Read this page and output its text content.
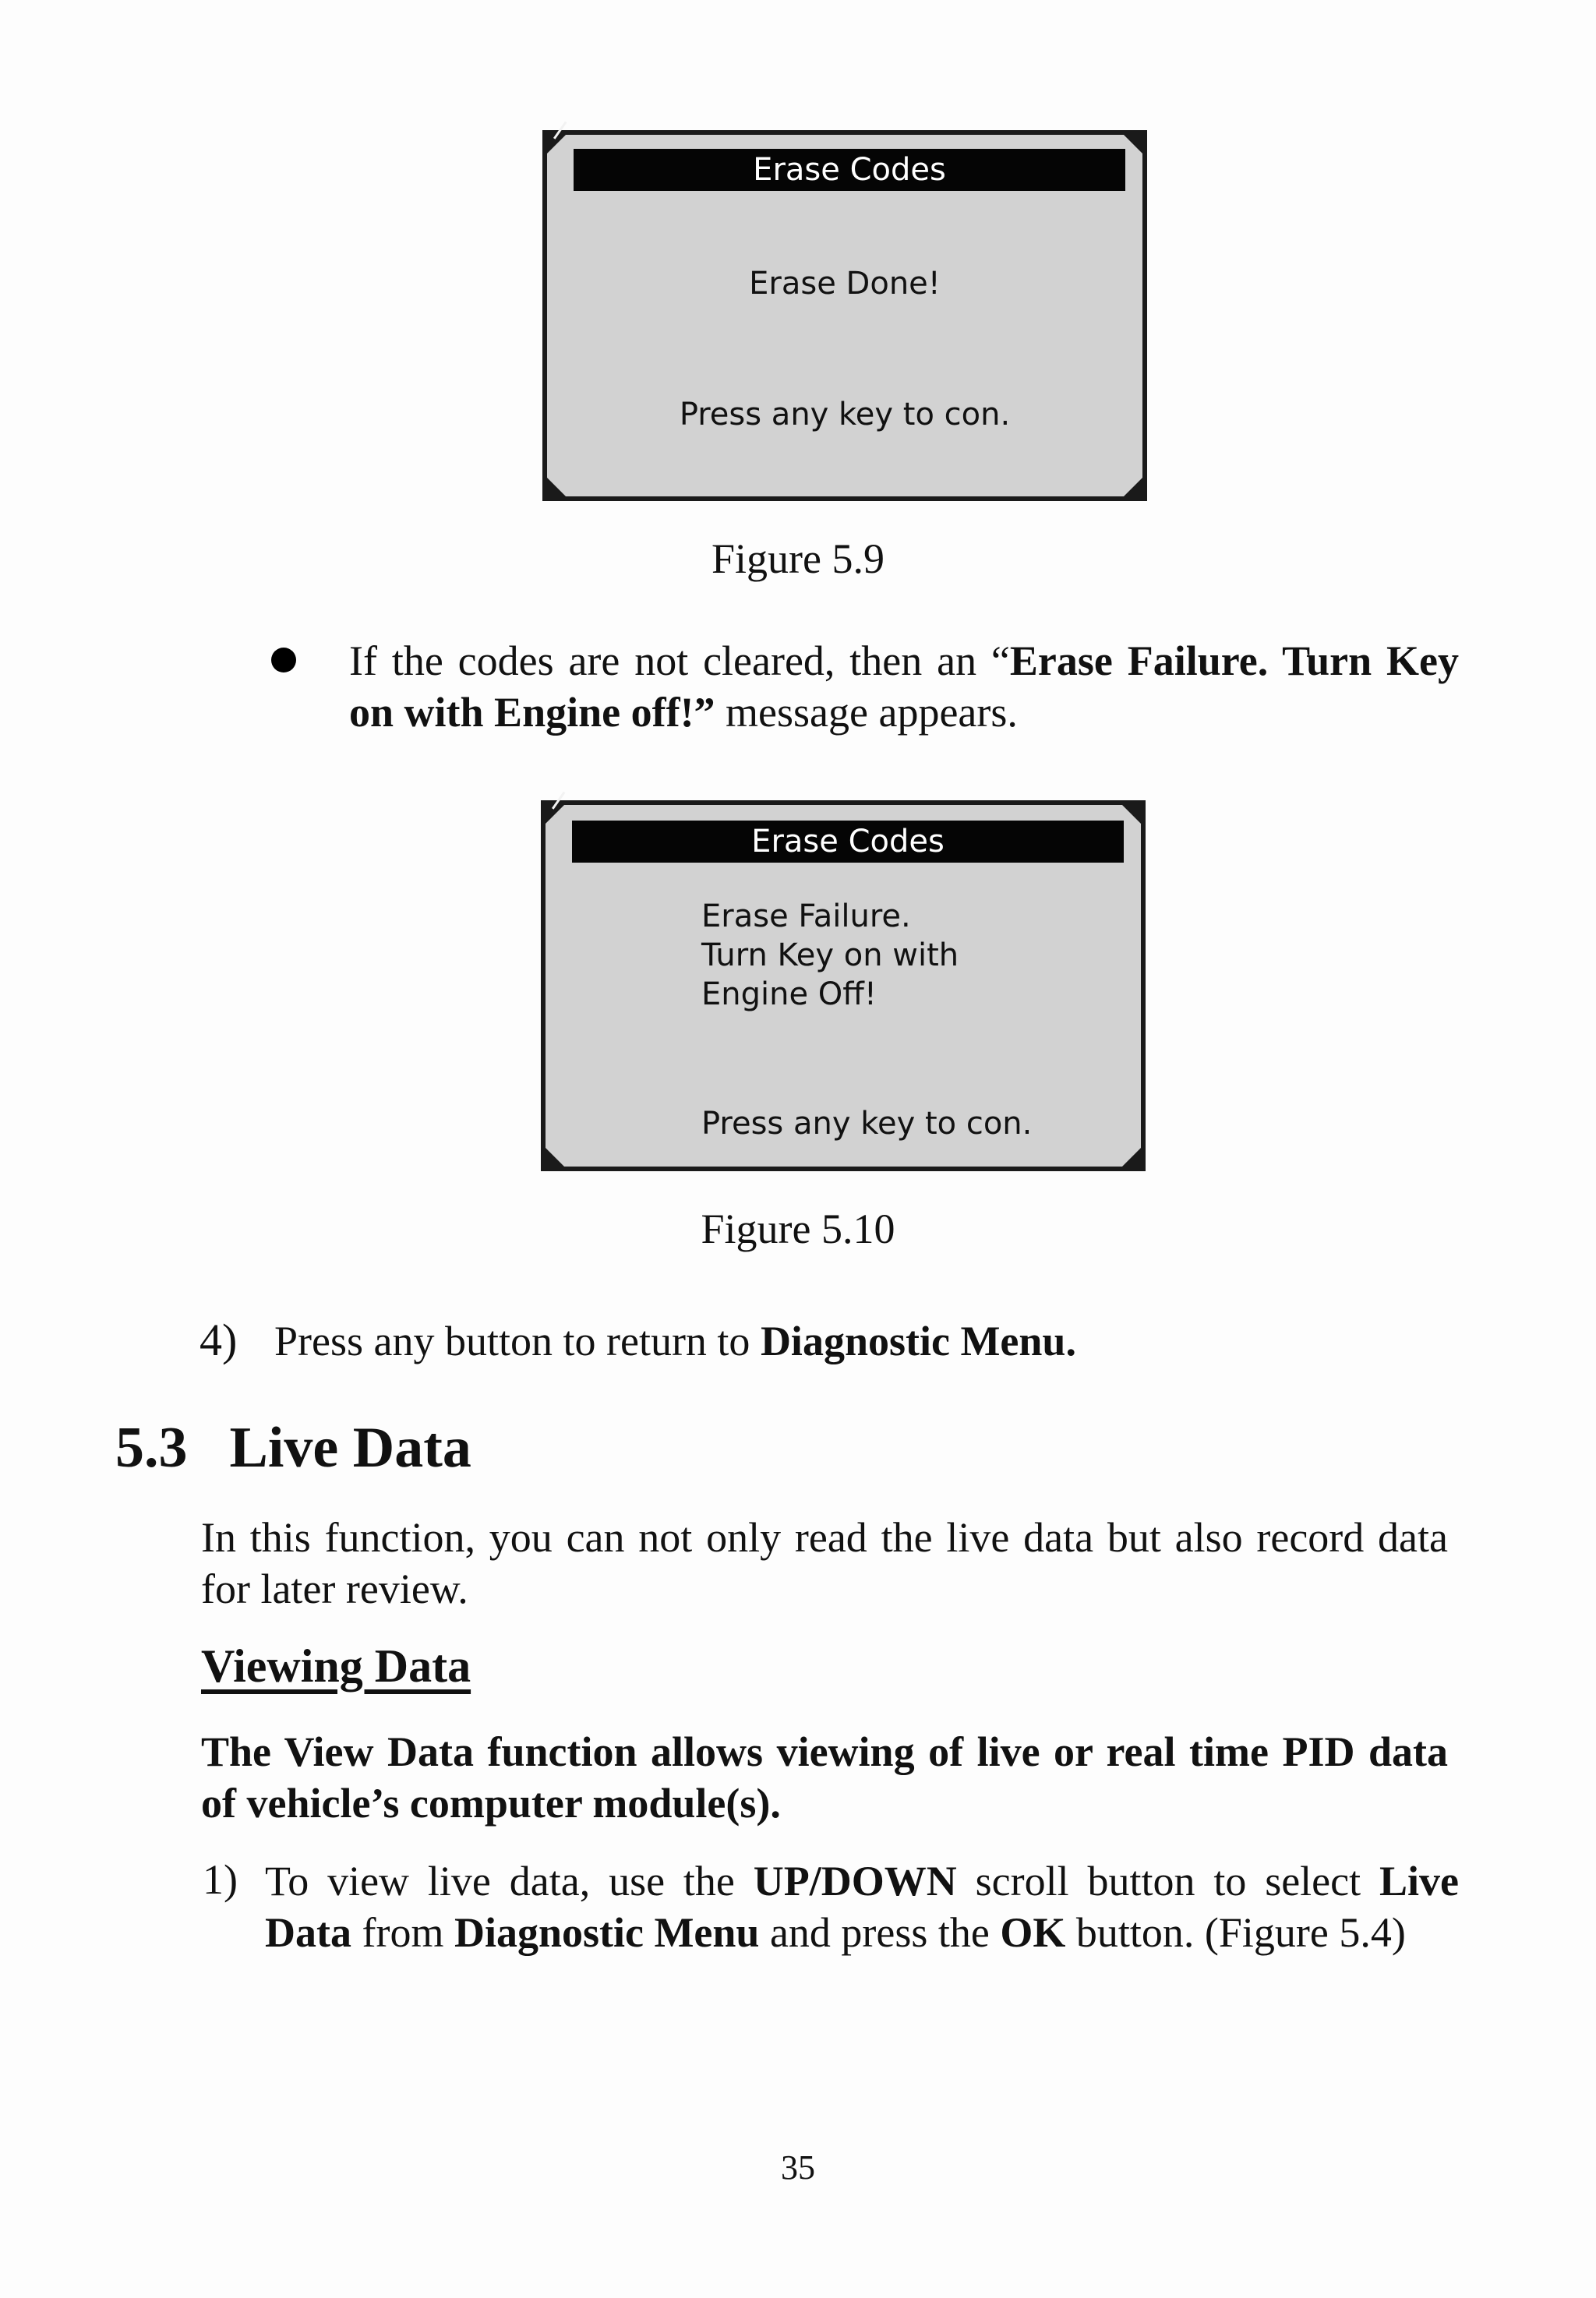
Erase Codes
Erase Done!
Press any key to con.
Figure 5.9
If the codes are not cleared, then an “Erase Failure. Turn Key on with Engine off!” message appears.
Erase Codes
Erase Failure.
Turn Key on with
Engine Off!
Press any key to con.
Figure 5.10
4) Press any button to return to Diagnostic Menu.
5.3 Live Data
In this function, you can not only read the live data but also record data for later review.
Viewing Data
The View Data function allows viewing of live or real time PID data of vehicle’s computer module(s).
1) To view live data, use the UP/DOWN scroll button to select Live Data from Diagnostic Menu and press the OK button. (Figure 5.4)
35
